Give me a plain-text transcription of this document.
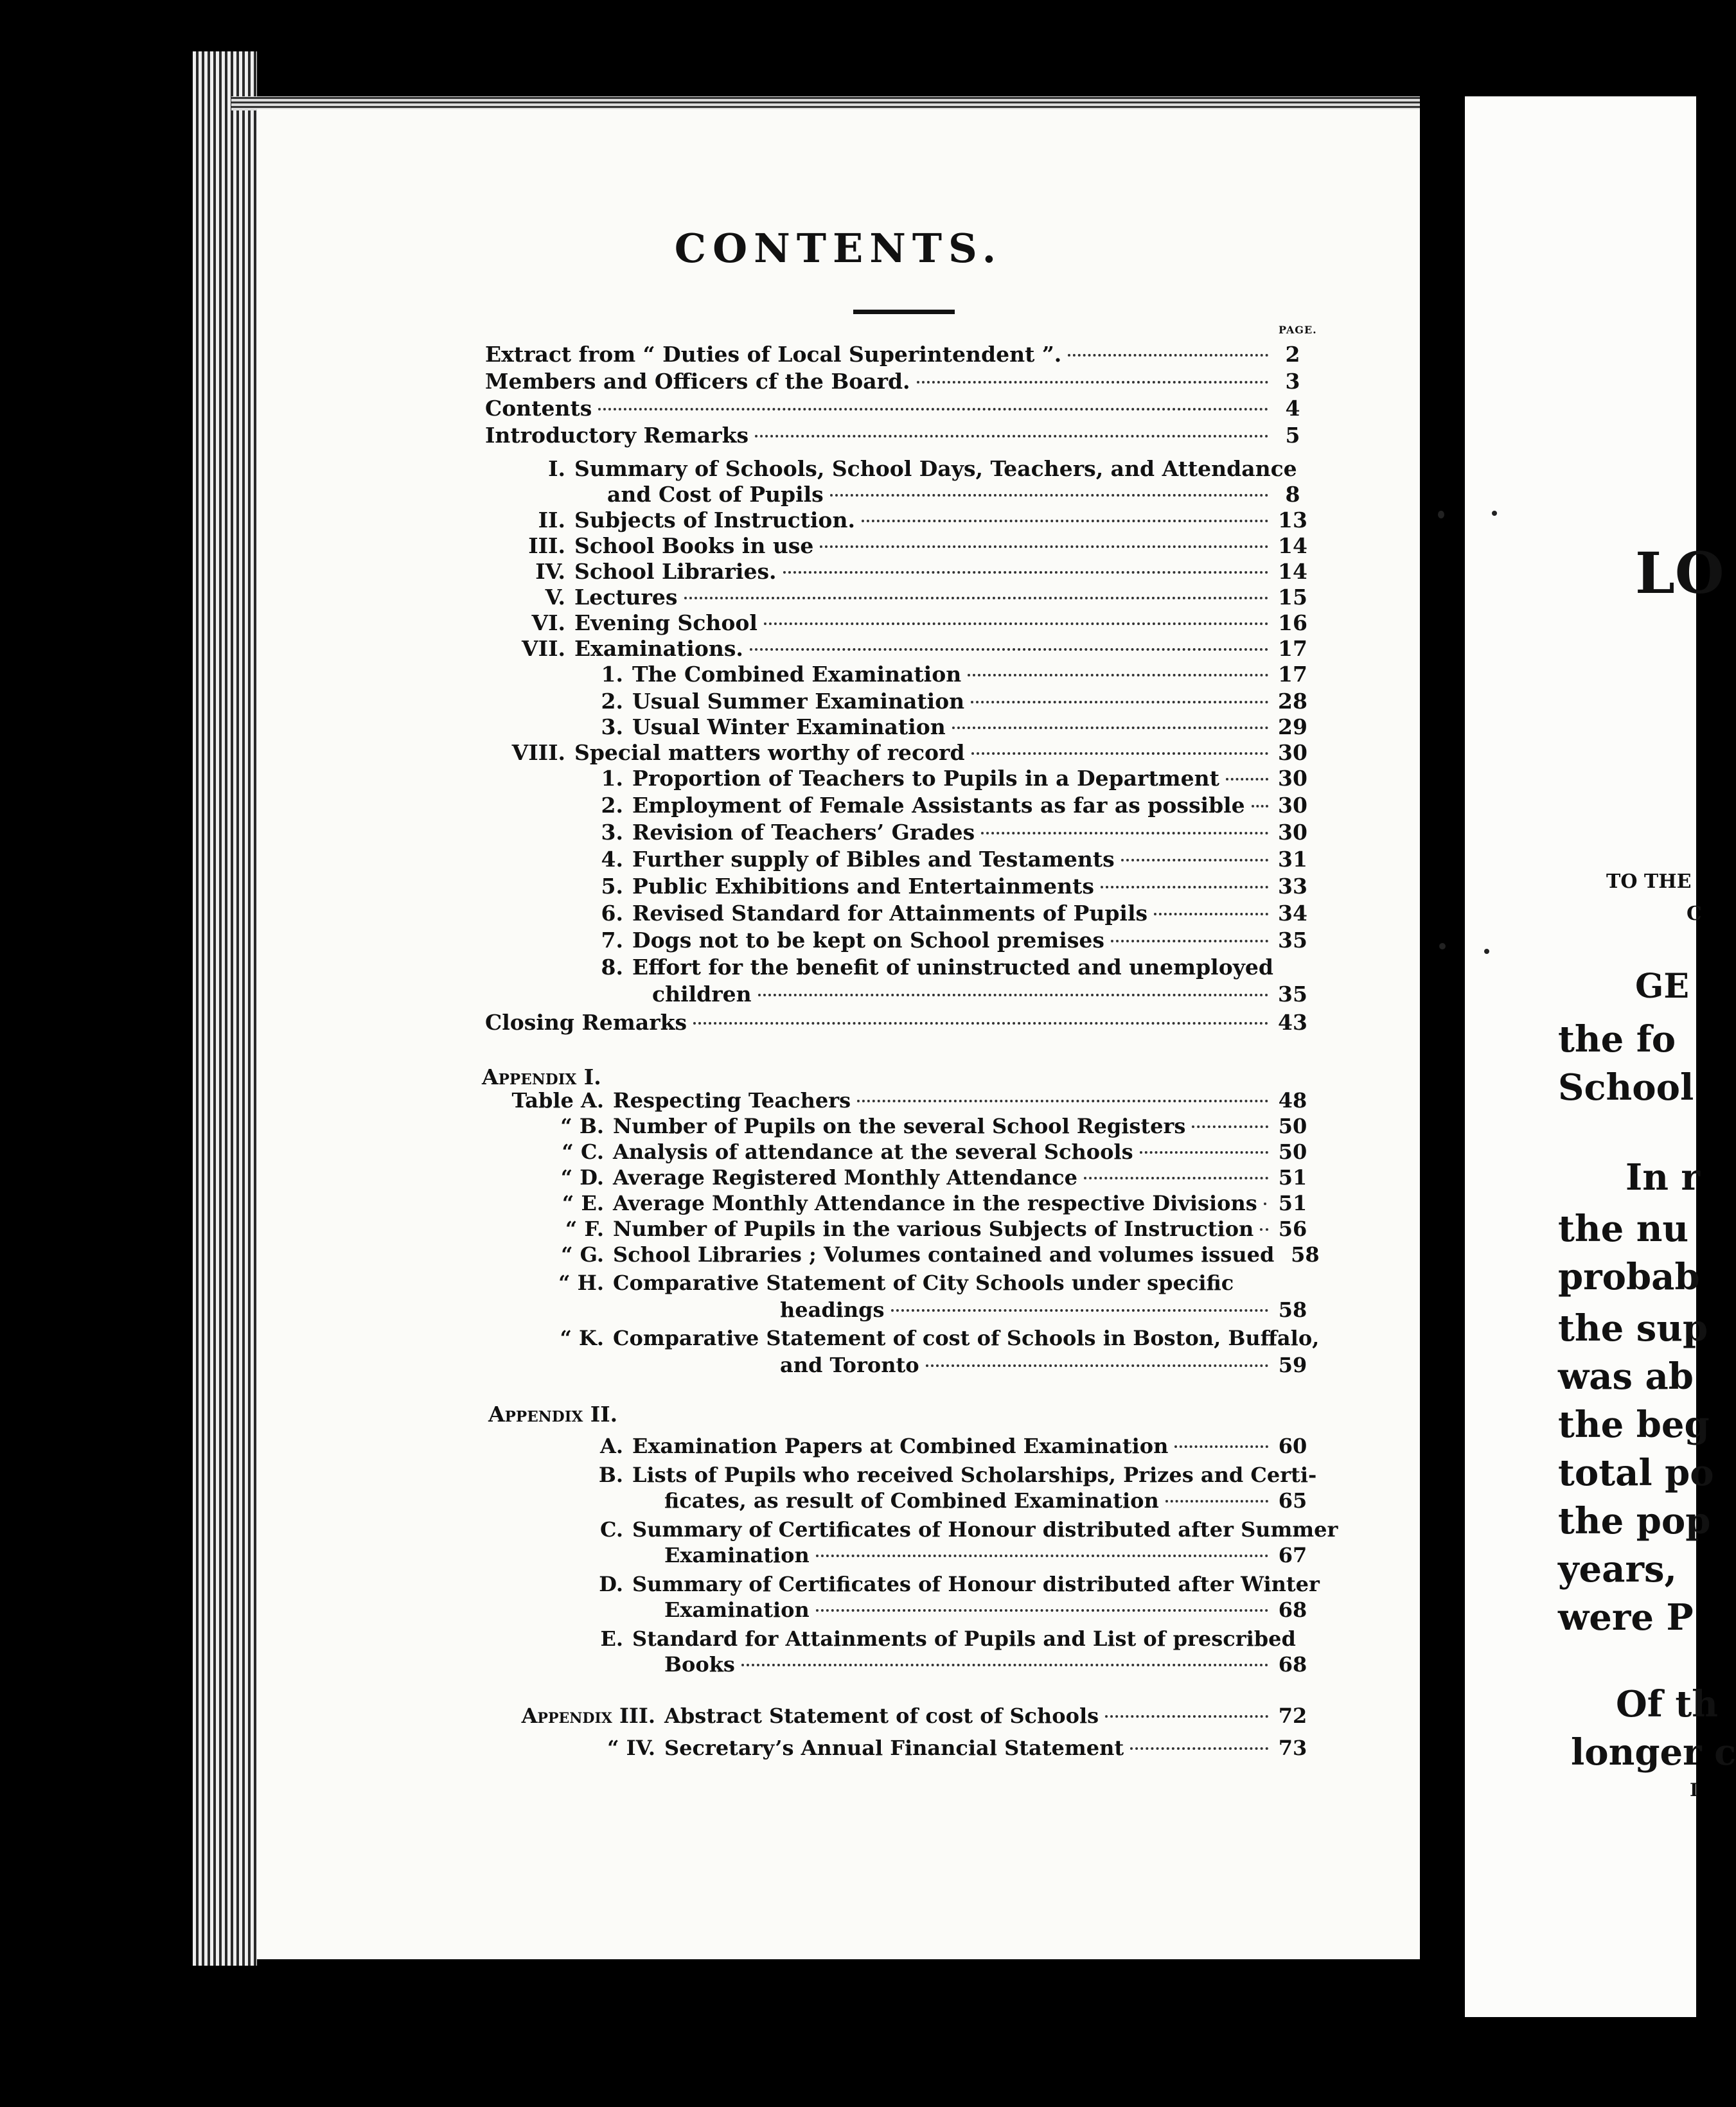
CONTENTS.
PAGE.
Extract from “ Duties of Local Superintendent ”.	2
Members and Officers cf the Board.	3
Contents	4
Introductory Remarks	5
I. Summary of Schools, School Days, Teachers, and Attendance
and Cost of Pupils	8
II. Subjects of Instruction.	13
III. School Books in use	14
IV. School Libraries.	14
V. Lectures	15
VI. Evening School	16
VII. Examinations.	17
1. The Combined Examination	17
2. Usual Summer Examination	28
3. Usual Winter Examination	29
VIII. Special matters worthy of record	30
1. Proportion of Teachers to Pupils in a Department	30
2. Employment of Female Assistants as far as possible 30
3. Revision of Teachers’ Grades	30
4. Further supply of Bibles and Testaments	31
5. Public Exhibitions and Entertainments	33
6. Revised Standard for Attainments of Pupils	34
7. Dogs not to be kept on School premises	35
8. Effort for the benefit of uninstructed and unemployed
children	35
Closing Remarks	43
Appendix I.
Table A. Respecting Teachers	48
“ B. Number of Pupils on the several School Registers	50
“ C. Analysis of attendance at the several Schools	50
“ D. Average Registered Monthly Attendance	51
“ E. Average Monthly Attendance in the respective Divisions 51
“ F. Number of Pupils in the various Subjects of Instruction 56
“ G. School Libraries ; Volumes contained and volumes issued 58
“ H. Comparative Statement of City Schools under specific
headings	58
“ K. Comparative Statement of cost of Schools in Boston, Buffalo,
and Toronto	59
Appendix II.
A. Examination Papers at Combined Examination	60
B. Lists of Pupils who received Scholarships, Prizes and Certi-
ficates, as result of Combined Examination	65
C. Summary of Certificates of Honour distributed after Summer
Examination	67
D. Summary of Certificates of Honour distributed after Winter
Examination	68
E. Standard for Attainments of Pupils and List of prescribed
Books	68
Appendix III. Abstract Statement of cost of Schools	72
“ IV. Secretary’s Annual Financial Statement	73
LO
TO THE
C
GE
the fo
School
In r
the nu
probab
the sup
was ab
the beg
total po
the pop
years,
were P
Of th
longer c
I
